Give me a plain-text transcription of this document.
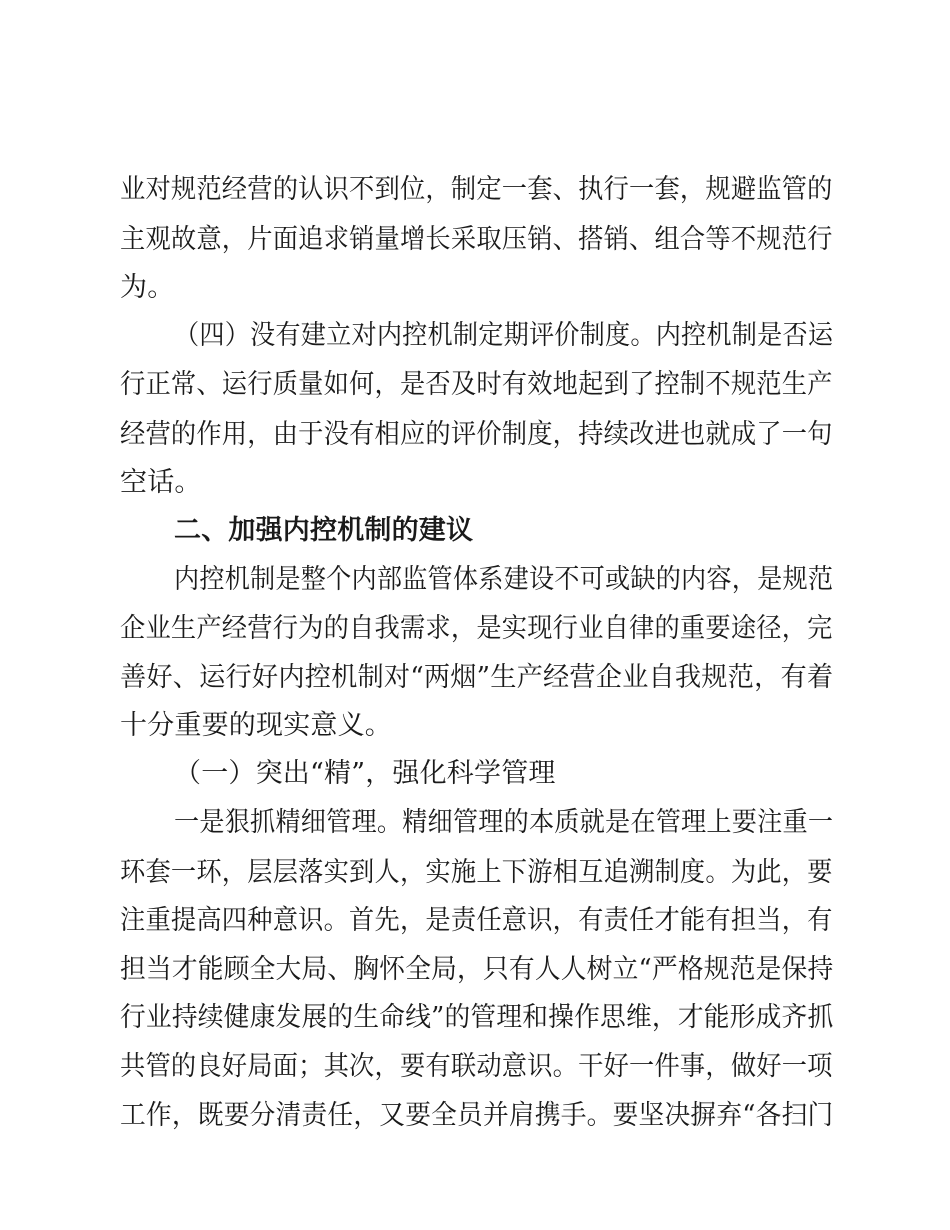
业对规范经营的认识不到位，制定一套、执行一套，规避监管的
主观故意，片面追求销量增长采取压销、搭销、组合等不规范行
为。
（四）没有建立对内控机制定期评价制度。内控机制是否运
行正常、运行质量如何，是否及时有效地起到了控制不规范生产
经营的作用，由于没有相应的评价制度，持续改进也就成了一句
空话。
二、加强内控机制的建议
内控机制是整个内部监管体系建设不可或缺的内容，是规范
企业生产经营行为的自我需求，是实现行业自律的重要途径，完
善好、运行好内控机制对“两烟”生产经营企业自我规范，有着
十分重要的现实意义。
（一）突出“精”，强化科学管理
一是狠抓精细管理。精细管理的本质就是在管理上要注重一
环套一环，层层落实到人，实施上下游相互追溯制度。为此，要
注重提高四种意识。首先，是责任意识，有责任才能有担当，有
担当才能顾全大局、胸怀全局，只有人人树立“严格规范是保持
行业持续健康发展的生命线”的管理和操作思维，才能形成齐抓
共管的良好局面；其次，要有联动意识。干好一件事，做好一项
工作，既要分清责任，又要全员并肩携手。要坚决摒弃“各扫门
